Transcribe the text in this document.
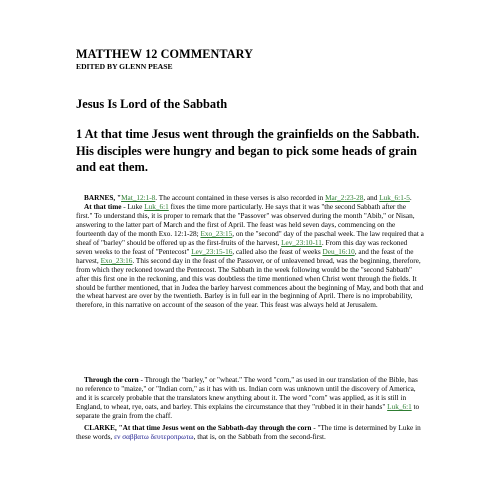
MATTHEW 12 COMMENTARY
EDITED BY GLENN PEASE
Jesus Is Lord of the Sabbath
1 At that time Jesus went through the grainfields on the Sabbath. His disciples were hungry and began to pick some heads of grain and eat them.

BARNES, "Mat_12:1-8. The account contained in these verses is also recorded in Mar_2:23-28, and Luk_6:1-5.

At that time - Luke Luk_6:1 fixes the time more particularly. He says that it was "the second Sabbath after the first." To understand this, it is proper to remark that the "Passover" was observed during the month "Abib," or Nisan, answering to the latter part of March and the first of April. The feast was held seven days, commencing on the fourteenth day of the month Exo. 12:1-28; Exo_23:15, on the "second" day of the paschal week. The law required that a sheaf of "barley" should be offered up as the first-fruits of the harvest, Lev_23:10-11. From this day was reckoned seven weeks to the feast of "Pentecost" Lev_23:15-16, called also the feast of weeks Deu_16:10, and the feast of the harvest, Exo_23:16. This second day in the feast of the Passover, or of unleavened bread, was the beginning, therefore, from which they reckoned toward the Pentecost. The Sabbath in the week following would be the "second Sabbath" after this first one in the reckoning, and this was doubtless the time mentioned when Christ went through the fields. It should be further mentioned, that in Judea the barley harvest commences about the beginning of May, and both that and the wheat harvest are over by the twentieth. Barley is in full ear in the beginning of April. There is no improbability, therefore, in this narrative on account of the season of the year. This feast was always held at Jerusalem.

Through the corn - Through the "barley," or "wheat." The word "corn," as used in our translation of the Bible, has no reference to "maize," or "Indian corn," as it has with us. Indian corn was unknown until the discovery of America, and it is scarcely probable that the translators knew anything about it. The word "corn" was applied, as it is still in England, to wheat, rye, oats, and barley. This explains the circumstance that they "rubbed it in their hands" Luk_6:1 to separate the grain from the chaff.

CLARKE, "At that time Jesus went on the Sabbath-day through the corn - "The time is determined by Luke in these words, εν σαββατω δευτεροπρωτω, that is, on the Sabbath from the second-first.
